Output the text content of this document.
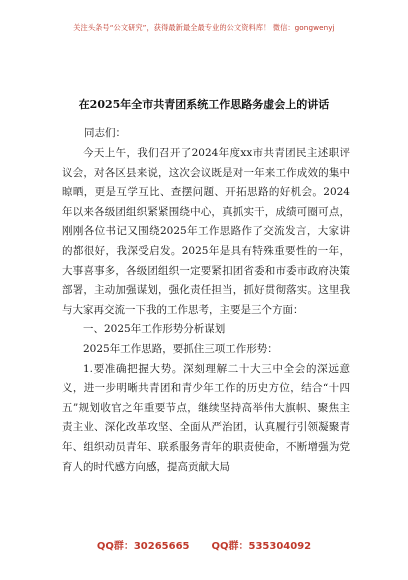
关注头条号“公文研究”，获得最新最全最专业的公文资料库！ 微信：gongwenyj
在2025年全市共青团系统工作思路务虚会上的讲话
同志们：

今天上午，我们召开了2024年度xx市共青团民主述职评议会，对各区县来说，这次会议既是对一年来工作成效的集中晾晒，更是互学互比、查摆问题、开拓思路的好机会。2024年以来各级团组织紧紧围绕中心，真抓实干，成绩可圈可点，刚刚各位书记又围绕2025年工作思路作了交流发言，大家讲的都很好，我深受启发。2025年是具有特殊重要性的一年，大事喜事多，各级团组织一定要紧扣团省委和市委市政府决策部署，主动加强谋划，强化责任担当，抓好贯彻落实。这里我与大家再交流一下我的工作思考，主要是三个方面：

一、2025年工作形势分析谋划

2025年工作思路，要抓住三项工作形势：

1.要准确把握大势。深刻理解二十大三中全会的深远意义，进一步明晰共青团和青少年工作的历史方位，结合“十四五”规划收官之年重要节点，继续坚持高举伟大旗帜、聚焦主责主业、深化改革攻坚、全面从严治团，认真履行引领凝聚青年、组织动员青年、联系服务青年的职责使命，不断增强为党育人的时代感方向感，提高贡献大局

QQ群：30265665 QQ群：535304092
